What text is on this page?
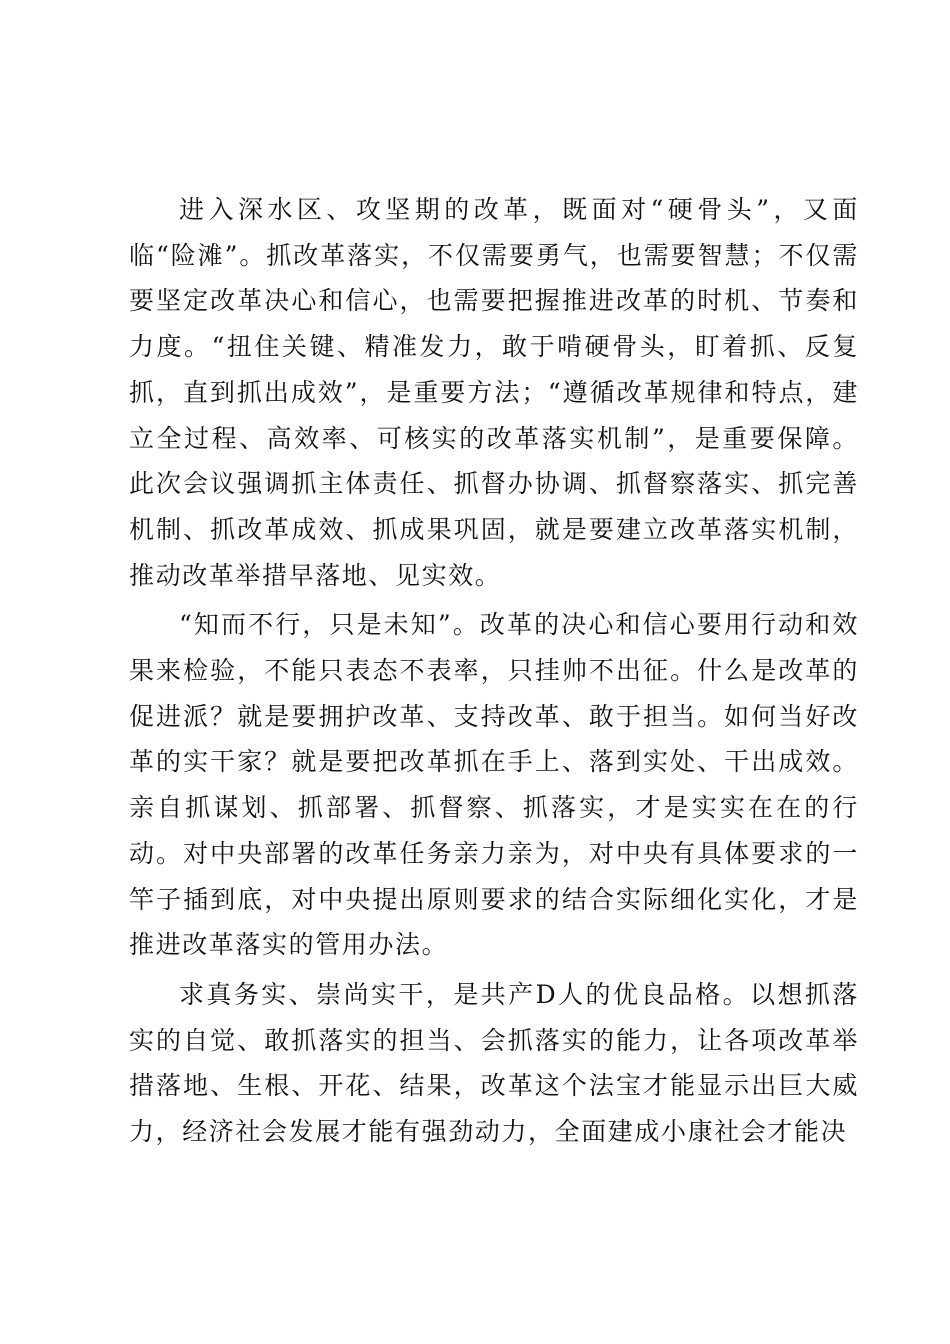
进入深水区、攻坚期的改革，既面对“硬骨头”，又面临“险滩”。抓改革落实，不仅需要勇气，也需要智慧；不仅需要坚定改革决心和信心，也需要把握推进改革的时机、节奏和力度。“扭住关键、精准发力，敢于啃硬骨头，盯着抓、反复抓，直到抓出成效”，是重要方法；“遵循改革规律和特点，建立全过程、高效率、可核实的改革落实机制”，是重要保障。此次会议强调抓主体责任、抓督办协调、抓督察落实、抓完善机制、抓改革成效、抓成果巩固，就是要建立改革落实机制，推动改革举措早落地、见实效。

“知而不行，只是未知”。改革的决心和信心要用行动和效果来检验，不能只表态不表率，只挂帅不出征。什么是改革的促进派？就是要拥护改革、支持改革、敢于担当。如何当好改革的实干家？就是要把改革抓在手上、落到实处、干出成效。亲自抓谋划、抓部署、抓督察、抓落实，才是实实在在的行动。对中央部署的改革任务亲力亲为，对中央有具体要求的一竿子插到底，对中央提出原则要求的结合实际细化实化，才是推进改革落实的管用办法。

求真务实、崇尚实干，是共产D人的优良品格。以想抓落实的自觉、敢抓落实的担当、会抓落实的能力，让各项改革举措落地、生根、开花、结果，改革这个法宝才能显示出巨大威力，经济社会发展才能有强劲动力，全面建成小康社会才能决
